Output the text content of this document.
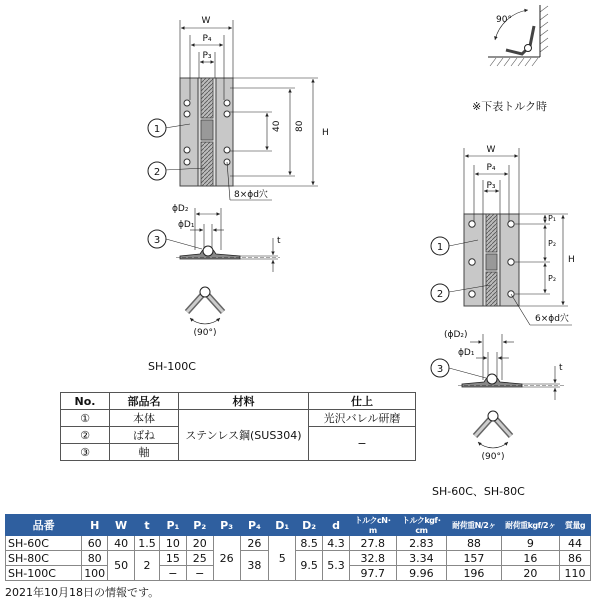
W
P₄
P₃
H
80
40
8×ϕd穴
ϕD₂
ϕD₁
t
(90°)
1
2
3
90°
W
P₄
P₃
H
P₁
P₂
P₂
6×ϕd穴
(ϕD₂)
ϕD₁
t
(90°)
1
2
3
※下表トルク時
SH-100C
SH-60C、SH-80C
No.	部品名	材料	仕上
①	本体	ステンレス鋼(SUS304)	光沢バレル研磨
②	ばね		−
③	軸		
品番	H	W	t	P₁	P₂	P₃	P₄	D₁	D₂	d	トルクcN･m	トルクkgf･cm	耐荷重N/2ヶ	耐荷重kgf/2ヶ	質量g
SH-60C	60	40	1.5	10	20	26	26	5	8.5	4.3	27.8	2.83	88	9	44
SH-80C	80	50	2	15	25		38		9.5	5.3	32.8	3.34	157	16	86
SH-100C	100			−	−						97.7	9.96	196	20	110
2021年10月18日の情報です。
